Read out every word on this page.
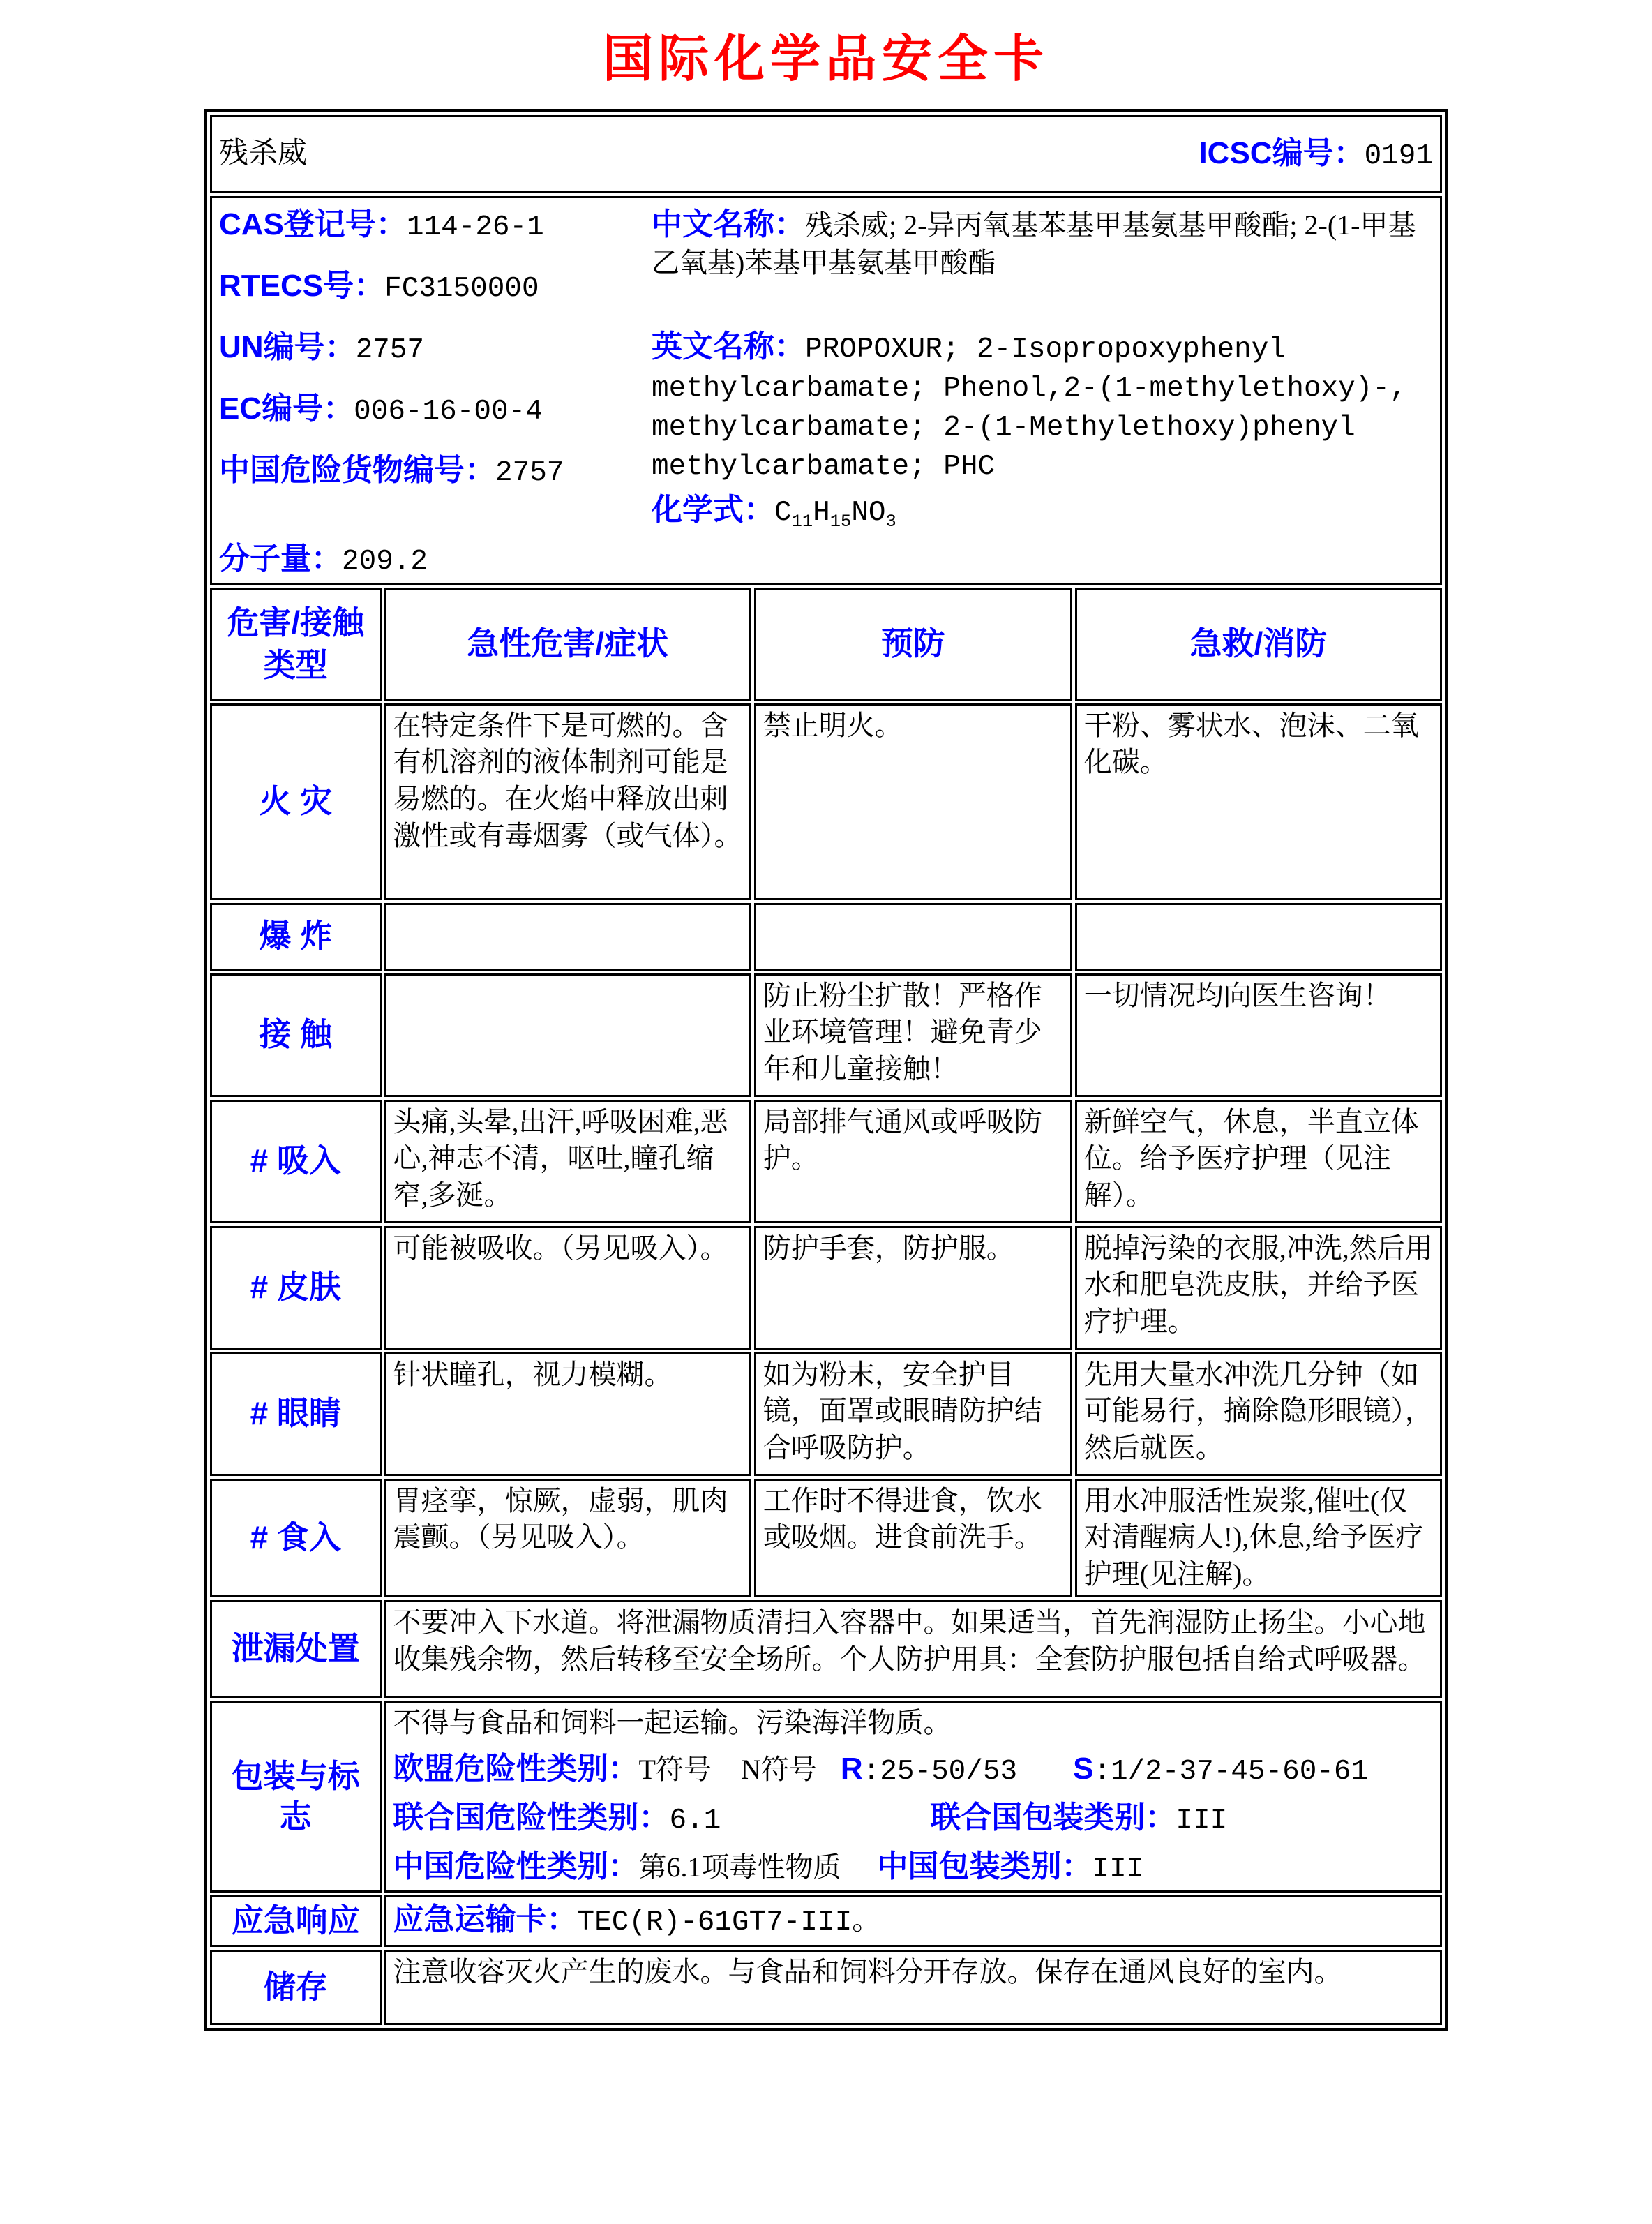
国际化学品安全卡
残杀威 ICSC编号：0191			

CAS登记号：114-26-1
RTECS号：FC3150000
UN编号：2757
EC编号：006-16-00-4
中国危险货物编号：2757
分子量：209.2
中文名称：残杀威; 2-异丙氧基苯基甲基氨基甲酸酯; 2-(1-甲基乙氧基)苯基甲基氨基甲酸酯
英文名称：PROPOXUR; 2-Isopropoxyphenyl methylcarbamate; Phenol,2-(1-methylethoxy)-, methylcarbamate; 2-(1-Methylethoxy)phenyl methylcarbamate; PHC
化学式：$C_{11}H_{15}NO_3$

危害/接触类型	急性危害/症状	预防	急救/消防
火 灾	在特定条件下是可燃的。含有机溶剂的液体制剂可能是易燃的。在火焰中释放出刺激性或有毒烟雾（或气体）。	禁止明火。	干粉、雾状水、泡沫、二氧化碳。
爆 炸			
接 触		防止粉尘扩散！严格作业环境管理！避免青少年和儿童接触！	一切情况均向医生咨询！
# 吸入	头痛,头晕,出汗,呼吸困难,恶心,神志不清，呕吐,瞳孔缩窄,多涎。	局部排气通风或呼吸防护。	新鲜空气，休息，半直立体位。给予医疗护理（见注解）。
# 皮肤	可能被吸收。（另见吸入）。	防护手套，防护服。	脱掉污染的衣服,冲洗,然后用水和肥皂洗皮肤，并给予医疗护理。
# 眼睛	针状瞳孔，视力模糊。	如为粉末，安全护目镜，面罩或眼睛防护结合呼吸防护。	先用大量水冲洗几分钟（如可能易行，摘除隐形眼镜），然后就医。
# 食入	胃痉挛，惊厥，虚弱，肌肉震颤。（另见吸入）。	工作时不得进食，饮水或吸烟。进食前洗手。	用水冲服活性炭浆,催吐(仅对清醒病人!),休息,给予医疗护理(见注解)。
泄漏处置	不要冲入下水道。将泄漏物质清扫入容器中。如果适当，首先润湿防止扬尘。小心地收集残余物，然后转移至安全场所。个人防护用具：全套防护服包括自给式呼吸器。		
包装与标志	不得与食品和饲料一起运输。污染海洋物质。
欧盟危险性类别：T符号 N符号 R:25-50/53 S:1/2-37-45-60-61
联合国危险性类别：6.1 联合国包装类别：III
中国危险性类别：第6.1项毒性物质 中国包装类别：III		

应急响应	应急运输卡：TEC(R)-61GT7-III。		
储存	注意收容灭火产生的废水。与食品和饲料分开存放。保存在通风良好的室内。		
